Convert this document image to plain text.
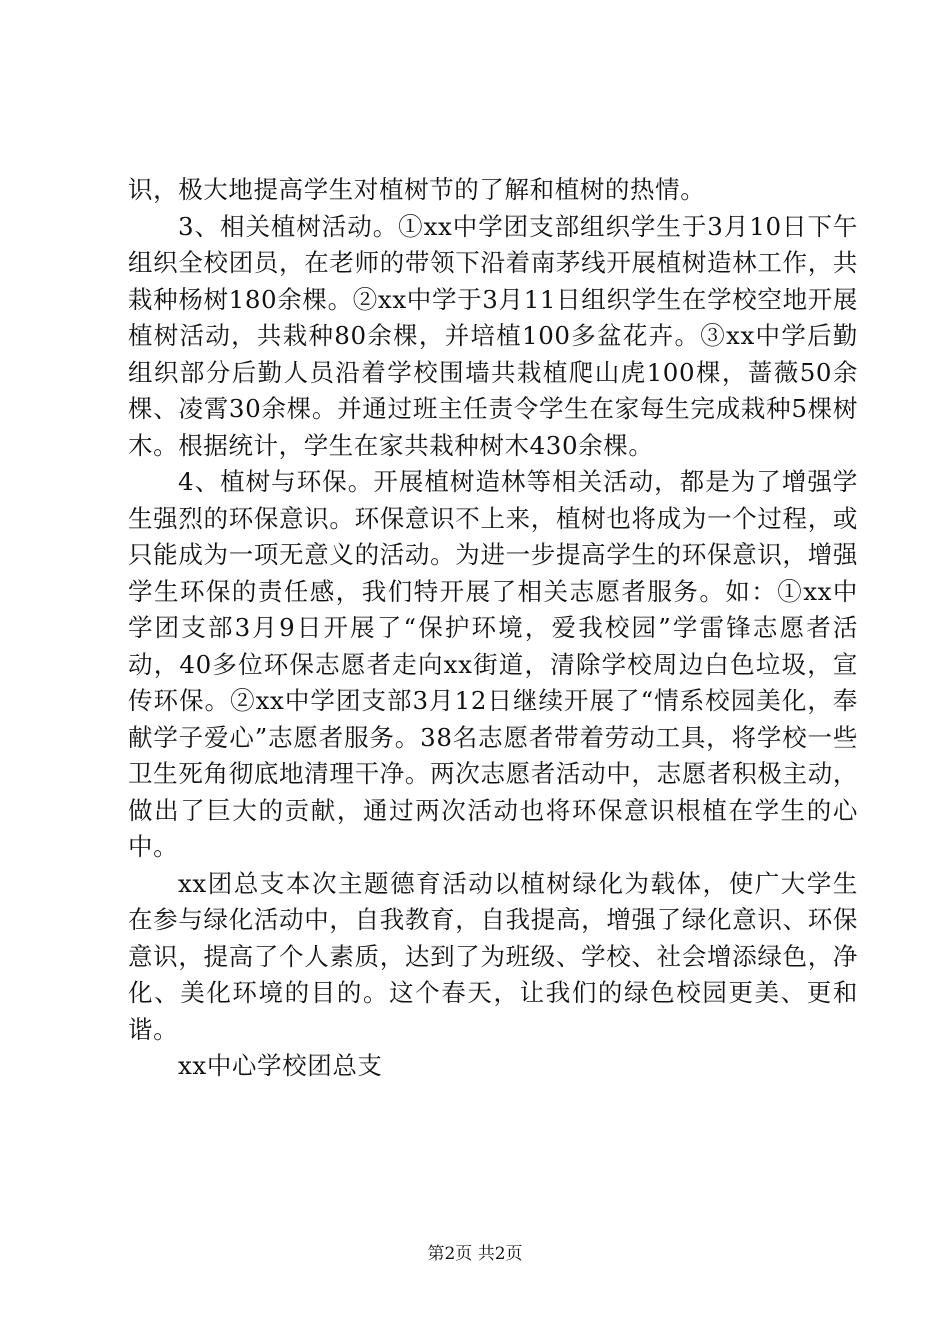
识，极大地提高学生对植树节的了解和植树的热情。

3、相关植树活动。①xx中学团支部组织学生于3月10日下午组织全校团员，在老师的带领下沿着南茅线开展植树造林工作，共栽种杨树180余棵。②xx中学于3月11日组织学生在学校空地开展植树活动，共栽种80余棵，并培植100多盆花卉。③xx中学后勤组织部分后勤人员沿着学校围墙共栽植爬山虎100棵，蔷薇50余棵、凌霄30余棵。并通过班主任责令学生在家每生完成栽种5棵树木。根据统计，学生在家共栽种树木430余棵。

4、植树与环保。开展植树造林等相关活动，都是为了增强学生强烈的环保意识。环保意识不上来，植树也将成为一个过程，或只能成为一项无意义的活动。为进一步提高学生的环保意识，增强学生环保的责任感，我们特开展了相关志愿者服务。如：①xx中学团支部3月9日开展了“保护环境，爱我校园”学雷锋志愿者活动，40多位环保志愿者走向xx街道，清除学校周边白色垃圾，宣传环保。②xx中学团支部3月12日继续开展了“情系校园美化，奉献学子爱心”志愿者服务。38名志愿者带着劳动工具，将学校一些卫生死角彻底地清理干净。两次志愿者活动中，志愿者积极主动，做出了巨大的贡献，通过两次活动也将环保意识根植在学生的心中。

xx团总支本次主题德育活动以植树绿化为载体，使广大学生在参与绿化活动中，自我教育，自我提高，增强了绿化意识、环保意识，提高了个人素质，达到了为班级、学校、社会增添绿色，净化、美化环境的目的。这个春天，让我们的绿色校园更美、更和谐。

xx中心学校团总支

第2页 共2页
